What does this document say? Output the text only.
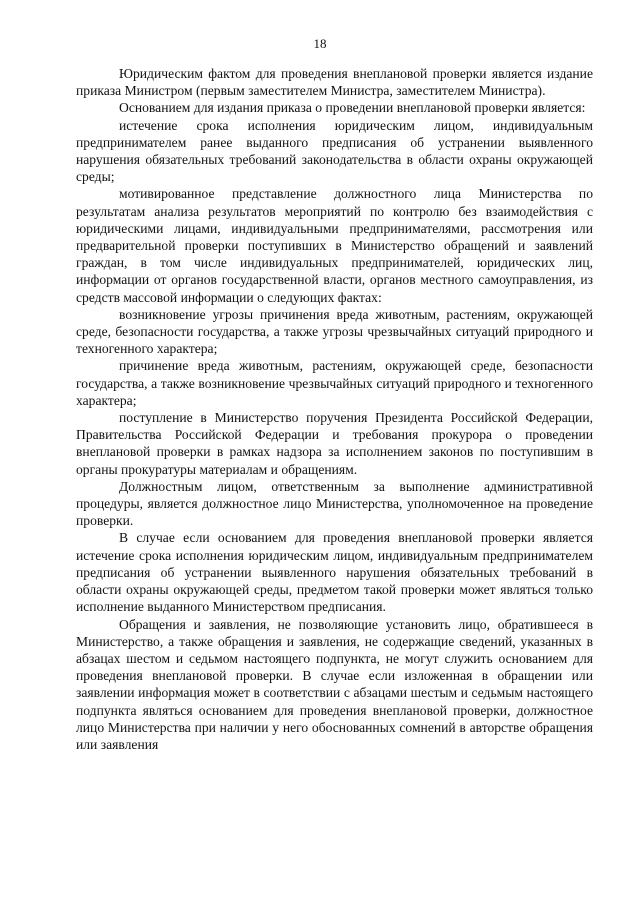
18

Юридическим фактом для проведения внеплановой проверки является издание приказа Министром (первым заместителем Министра, заместителем Министра).

Основанием для издания приказа о проведении внеплановой проверки является:

истечение срока исполнения юридическим лицом, индивидуальным предпринимателем ранее выданного предписания об устранении выявленного нарушения обязательных требований законодательства в области охраны окружающей среды;

мотивированное представление должностного лица Министерства по результатам анализа результатов мероприятий по контролю без взаимодействия с юридическими лицами, индивидуальными предпринимателями, рассмотрения или предварительной проверки поступивших в Министерство обращений и заявлений граждан, в том числе индивидуальных предпринимателей, юридических лиц, информации от органов государственной власти, органов местного самоуправления, из средств массовой информации о следующих фактах:

возникновение угрозы причинения вреда животным, растениям, окружающей среде, безопасности государства, а также угрозы чрезвычайных ситуаций природного и техногенного характера;

причинение вреда животным, растениям, окружающей среде, безопасности государства, а также возникновение чрезвычайных ситуаций природного и техногенного характера;

поступление в Министерство поручения Президента Российской Федерации, Правительства Российской Федерации и требования прокурора о проведении внеплановой проверки в рамках надзора за исполнением законов по поступившим в органы прокуратуры материалам и обращениям.

Должностным лицом, ответственным за выполнение административной процедуры, является должностное лицо Министерства, уполномоченное на проведение проверки.

В случае если основанием для проведения внеплановой проверки является истечение срока исполнения юридическим лицом, индивидуальным предпринимателем предписания об устранении выявленного нарушения обязательных требований в области охраны окружающей среды, предметом такой проверки может являться только исполнение выданного Министерством предписания.

Обращения и заявления, не позволяющие установить лицо, обратившееся в Министерство, а также обращения и заявления, не содержащие сведений, указанных в абзацах шестом и седьмом настоящего подпункта, не могут служить основанием для проведения внеплановой проверки. В случае если изложенная в обращении или заявлении информация может в соответствии с абзацами шестым и седьмым настоящего подпункта являться основанием для проведения внеплановой проверки, должностное лицо Министерства при наличии у него обоснованных сомнений в авторстве обращения или заявления
